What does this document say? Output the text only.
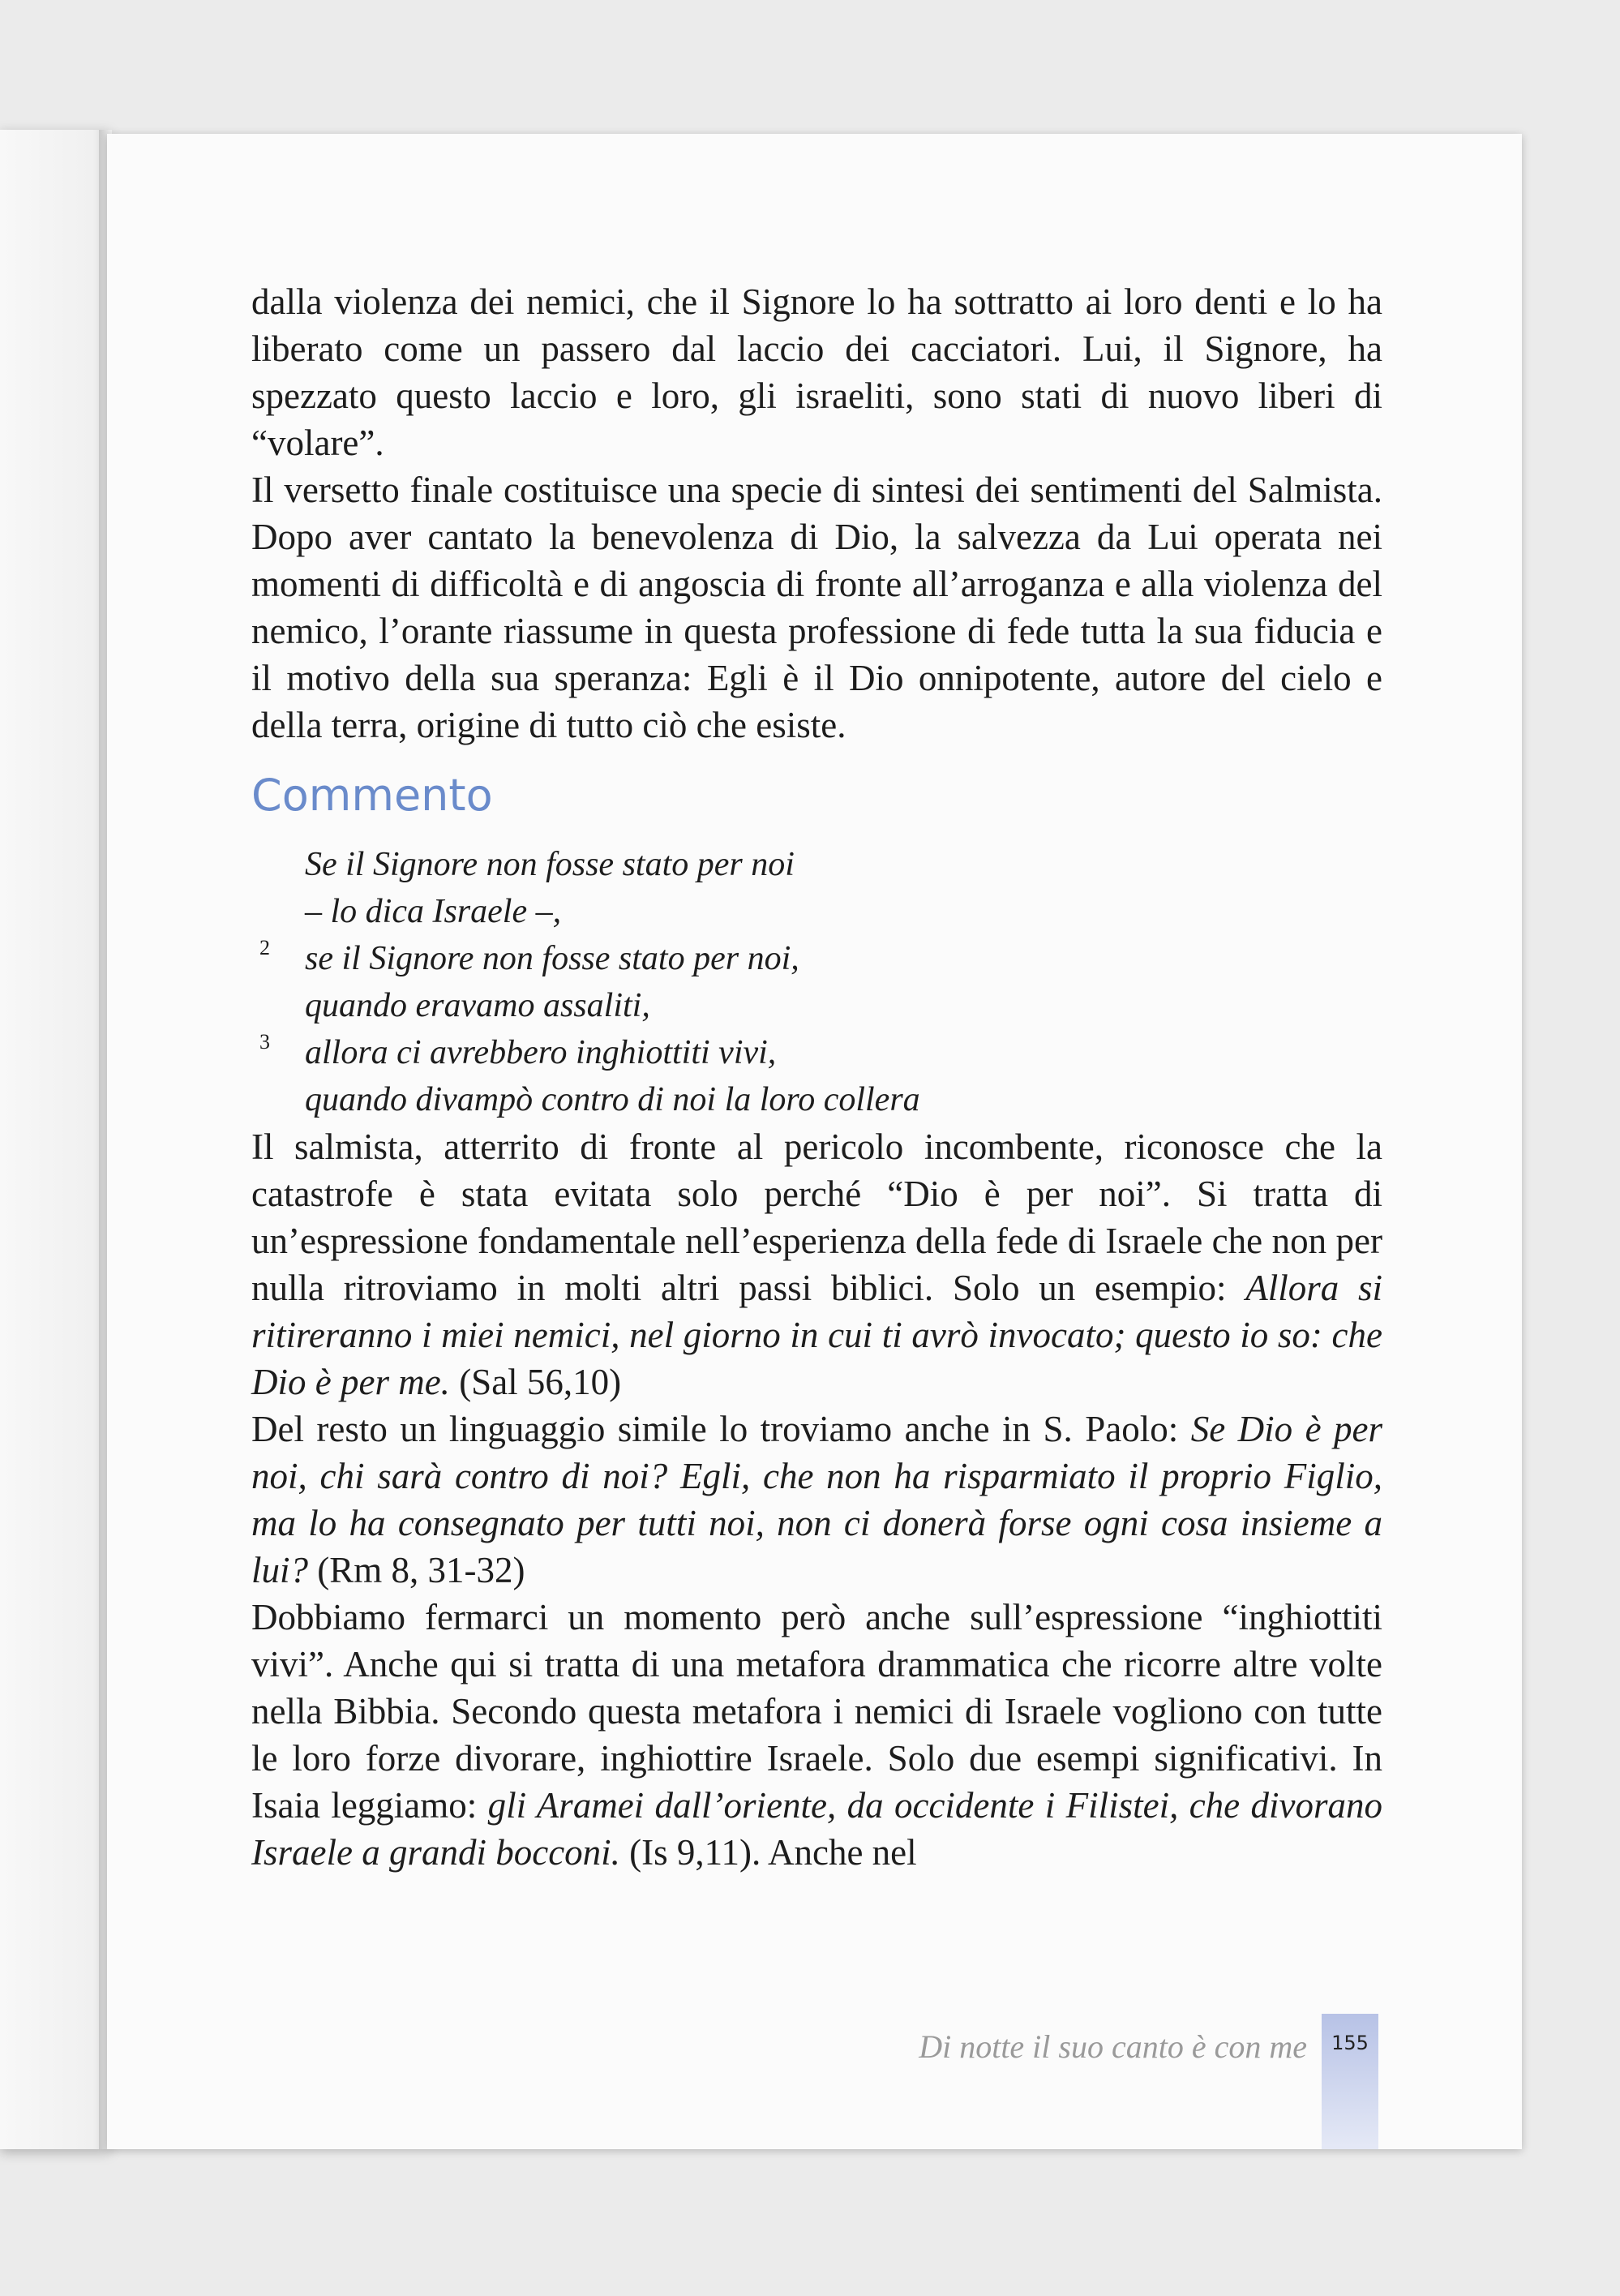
dalla violenza dei nemici, che il Signore lo ha sottratto ai loro denti e lo ha liberato come un passero dal laccio dei cacciatori. Lui, il Signore, ha spezzato questo laccio e loro, gli israeliti, sono stati di nuovo liberi di “volare”.

Il versetto finale costituisce una specie di sintesi dei sentimenti del Salmista. Dopo aver cantato la benevolenza di Dio, la salvezza da Lui operata nei momenti di difficoltà e di angoscia di fronte all’arroganza e alla violenza del nemico, l’orante riassume in questa professione di fede tutta la sua fiducia e il motivo della sua speranza: Egli è il Dio onnipotente, autore del cielo e della terra, origine di tutto ciò che esiste.

Commento
Se il Signore non fosse stato per noi
– lo dica Israele –,
$^2$ se il Signore non fosse stato per noi,
quando eravamo assaliti,
$^3$ allora ci avrebbero inghiottiti vivi,
quando divampò contro di noi la loro collera

Il salmista, atterrito di fronte al pericolo incombente, riconosce che la catastrofe è stata evitata solo perché “Dio è per noi”. Si tratta di un’espressione fondamentale nell’esperienza della fede di Israele che non per nulla ritroviamo in molti altri passi biblici. Solo un esempio: Allora si ritireranno i miei nemici, nel giorno in cui ti avrò invocato; questo io so: che Dio è per me. (Sal 56,10)

Del resto un linguaggio simile lo troviamo anche in S. Paolo: Se Dio è per noi, chi sarà contro di noi? Egli, che non ha risparmiato il proprio Figlio, ma lo ha consegnato per tutti noi, non ci donerà forse ogni cosa insieme a lui? (Rm 8, 31-32)

Dobbiamo fermarci un momento però anche sull’espressione “inghiottiti vivi”. Anche qui si tratta di una metafora drammatica che ricorre altre volte nella Bibbia. Secondo questa metafora i nemici di Israele vogliono con tutte le loro forze divorare, inghiottire Israele. Solo due esempi significativi. In Isaia leggiamo: gli Aramei dall’oriente, da occidente i Filistei, che divorano Israele a grandi bocconi. (Is 9,11). Anche nel

Di notte il suo canto è con me	155
